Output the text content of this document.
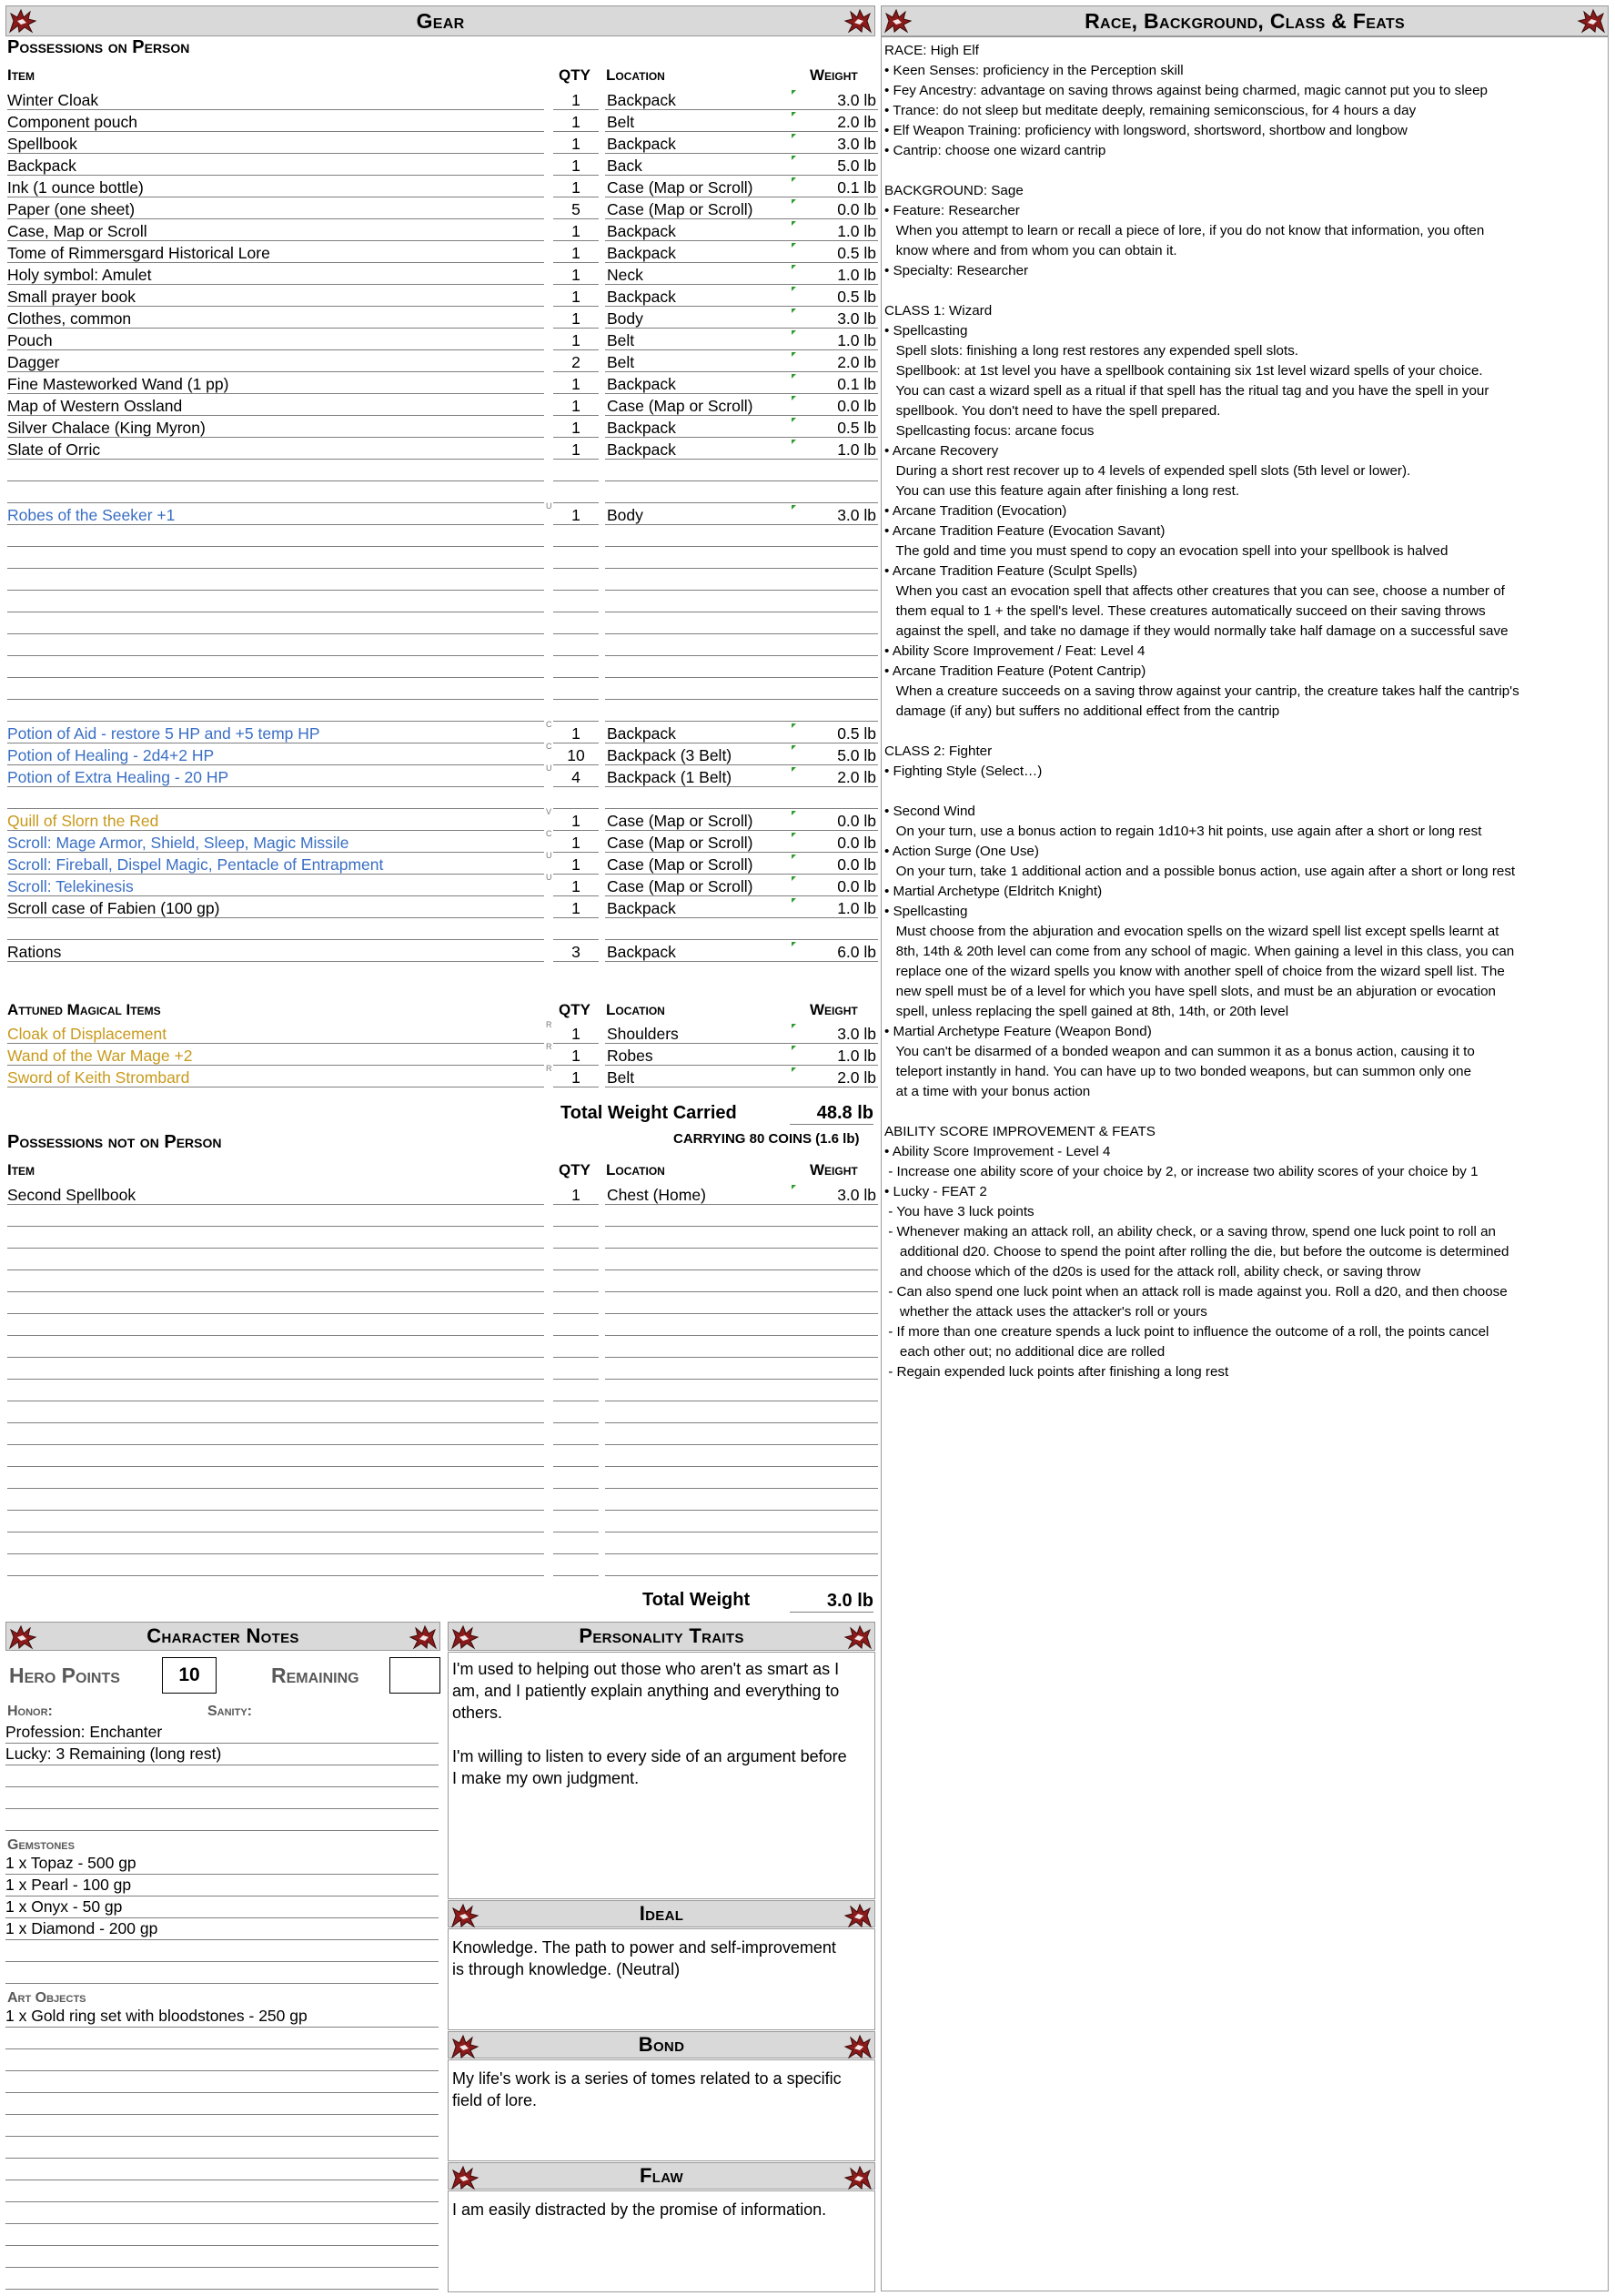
Gear
Possessions on Person
Item	QTY Location	Weight
Winter Cloak	1	Backpack	3.0 lb
Component pouch	1	Belt	2.0 lb
Spellbook	1	Backpack	3.0 lb
Backpack	1	Back	5.0 lb
Ink (1 ounce bottle)	1	Case (Map or Scroll)	0.1 lb
Paper (one sheet)	5	Case (Map or Scroll)	0.0 lb
Case, Map or Scroll	1	Backpack	1.0 lb
Tome of Rimmersgard Historical Lore	1	Backpack	0.5 lb
Holy symbol: Amulet	1	Neck	1.0 lb
Small prayer book	1	Backpack	0.5 lb
Clothes, common	1	Body	3.0 lb
Pouch	1	Belt	1.0 lb
Dagger	2	Belt	2.0 lb
Fine Masteworked Wand (1 pp)	1	Backpack	0.1 lb
Map of Western Ossland	1	Case (Map or Scroll)	0.0 lb
Silver Chalace (King Myron)	1	Backpack	0.5 lb
Slate of Orric	1	Backpack	1.0 lb
Robes of the Seeker +1	1	Body	3.0 lb
U
Potion of Aid - restore 5 HP and +5 temp HP	1	Backpack	0.5 lb
C
Potion of Healing - 2d4+2 HP	10	Backpack (3 Belt)	5.0 lb
C
Potion of Extra Healing - 20 HP	4	Backpack (1 Belt)	2.0 lb
U
Quill of Slorn the Red	1	Case (Map or Scroll)	0.0 lb
V
Scroll: Mage Armor, Shield, Sleep, Magic Missile	1	Case (Map or Scroll)	0.0 lb
C
Scroll: Fireball, Dispel Magic, Pentacle of Entrapment	1	Case (Map or Scroll)	0.0 lb
U
Scroll: Telekinesis	1	Case (Map or Scroll)	0.0 lb
U
Scroll case of Fabien (100 gp)	1	Backpack	1.0 lb
Rations	3	Backpack	6.0 lb
Attuned Magical Items	QTY Location	Weight
Cloak of Displacement	1	Shoulders	3.0 lb
R
Wand of the War Mage +2	1	Robes	1.0 lb
R
Sword of Keith Strombard	1	Belt	2.0 lb
R
Total Weight Carried	48.8 lb
CARRYING 80 COINS (1.6 lb)
Possessions not on Person
Item	QTY Location	Weight
Second Spellbook	1	Chest (Home)	3.0 lb
Total Weight	3.0 lb
Character Notes
Hero Points	10	Remaining
Honor:	Sanity:
Profession: Enchanter
Lucky: 3 Remaining (long rest)
Gemstones
1 x Topaz - 500 gp
1 x Pearl - 100 gp
1 x Onyx - 50 gp
1 x Diamond - 200 gp
Art Objects
1 x Gold ring set with bloodstones - 250 gp
Personality Traits
I'm used to helping out those who aren't as smart as I
am, and I patiently explain anything and everything to
others.
I'm willing to listen to every side of an argument before
I make my own judgment.
Ideal
Knowledge. The path to power and self-improvement
is through knowledge. (Neutral)
Bond
My life's work is a series of tomes related to a specific
field of lore.
Flaw
I am easily distracted by the promise of information.
Race, Background, Class & Feats
RACE: High Elf
• Keen Senses: proficiency in the Perception skill
• Fey Ancestry: advantage on saving throws against being charmed, magic cannot put you to sleep
• Trance: do not sleep but meditate deeply, remaining semiconscious, for 4 hours a day
• Elf Weapon Training: proficiency with longsword, shortsword, shortbow and longbow
• Cantrip: choose one wizard cantrip
BACKGROUND: Sage
• Feature: Researcher
When you attempt to learn or recall a piece of lore, if you do not know that information, you often
know where and from whom you can obtain it.
• Specialty: Researcher
CLASS 1: Wizard
• Spellcasting
Spell slots: finishing a long rest restores any expended spell slots.
Spellbook: at 1st level you have a spellbook containing six 1st level wizard spells of your choice.
You can cast a wizard spell as a ritual if that spell has the ritual tag and you have the spell in your
spellbook. You don't need to have the spell prepared.
Spellcasting focus: arcane focus
• Arcane Recovery
During a short rest recover up to 4 levels of expended spell slots (5th level or lower).
You can use this feature again after finishing a long rest.
• Arcane Tradition (Evocation)
• Arcane Tradition Feature (Evocation Savant)
The gold and time you must spend to copy an evocation spell into your spellbook is halved
• Arcane Tradition Feature (Sculpt Spells)
When you cast an evocation spell that affects other creatures that you can see, choose a number of
them equal to 1 + the spell's level. These creatures automatically succeed on their saving throws
against the spell, and take no damage if they would normally take half damage on a successful save
• Ability Score Improvement / Feat: Level 4
• Arcane Tradition Feature (Potent Cantrip)
When a creature succeeds on a saving throw against your cantrip, the creature takes half the cantrip's
damage (if any) but suffers no additional effect from the cantrip
CLASS 2: Fighter
• Fighting Style (Select…)
• Second Wind
On your turn, use a bonus action to regain 1d10+3 hit points, use again after a short or long rest
• Action Surge (One Use)
On your turn, take 1 additional action and a possible bonus action, use again after a short or long rest
• Martial Archetype (Eldritch Knight)
• Spellcasting
Must choose from the abjuration and evocation spells on the wizard spell list except spells learnt at
8th, 14th & 20th level can come from any school of magic. When gaining a level in this class, you can
replace one of the wizard spells you know with another spell of choice from the wizard spell list. The
new spell must be of a level for which you have spell slots, and must be an abjuration or evocation
spell, unless replacing the spell gained at 8th, 14th, or 20th level
• Martial Archetype Feature (Weapon Bond)
You can't be disarmed of a bonded weapon and can summon it as a bonus action, causing it to
teleport instantly in hand. You can have up to two bonded weapons, but can summon only one
at a time with your bonus action
ABILITY SCORE IMPROVEMENT & FEATS
• Ability Score Improvement - Level 4
- Increase one ability score of your choice by 2, or increase two ability scores of your choice by 1
• Lucky - FEAT 2
- You have 3 luck points
- Whenever making an attack roll, an ability check, or a saving throw, spend one luck point to roll an
additional d20. Choose to spend the point after rolling the die, but before the outcome is determined
and choose which of the d20s is used for the attack roll, ability check, or saving throw
- Can also spend one luck point when an attack roll is made against you. Roll a d20, and then choose
whether the attack uses the attacker's roll or yours
- If more than one creature spends a luck point to influence the outcome of a roll, the points cancel
each other out; no additional dice are rolled
- Regain expended luck points after finishing a long rest
